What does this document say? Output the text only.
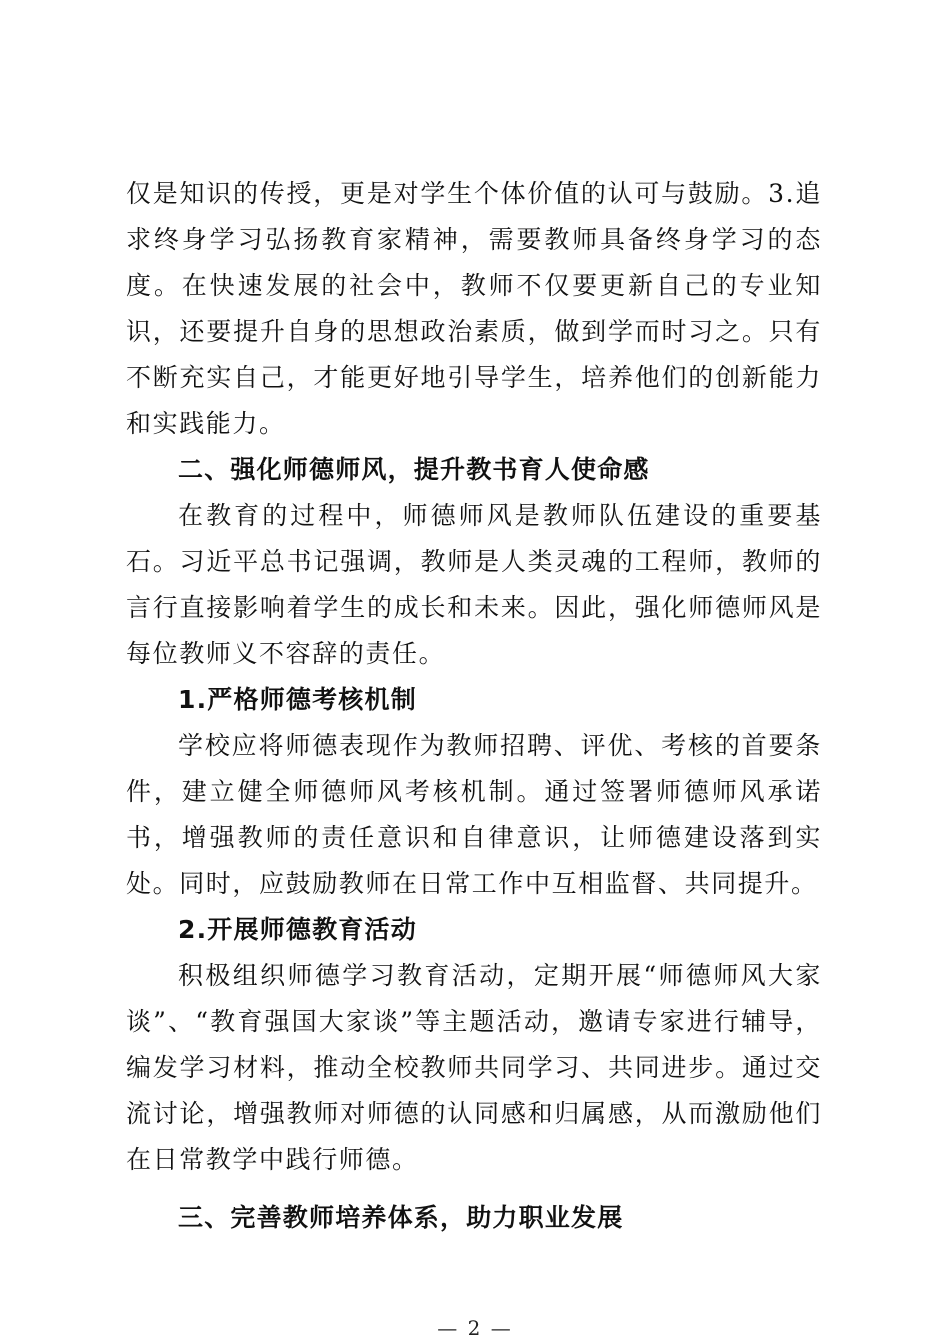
仅是知识的传授，更是对学生个体价值的认可与鼓励。3.追求终身学习弘扬教育家精神，需要教师具备终身学习的态度。在快速发展的社会中，教师不仅要更新自己的专业知识，还要提升自身的思想政治素质，做到学而时习之。只有不断充实自己，才能更好地引导学生，培养他们的创新能力和实践能力。

二、强化师德师风，提升教书育人使命感

在教育的过程中，师德师风是教师队伍建设的重要基石。习近平总书记强调，教师是人类灵魂的工程师，教师的言行直接影响着学生的成长和未来。因此，强化师德师风是每位教师义不容辞的责任。

1.严格师德考核机制

学校应将师德表现作为教师招聘、评优、考核的首要条件，建立健全师德师风考核机制。通过签署师德师风承诺书，增强教师的责任意识和自律意识，让师德建设落到实处。同时，应鼓励教师在日常工作中互相监督、共同提升。

2.开展师德教育活动

积极组织师德学习教育活动，定期开展“师德师风大家谈”、“教育强国大家谈”等主题活动，邀请专家进行辅导，编发学习材料，推动全校教师共同学习、共同进步。通过交流讨论，增强教师对师德的认同感和归属感，从而激励他们在日常教学中践行师德。

三、完善教师培养体系，助力职业发展

— 2 —
